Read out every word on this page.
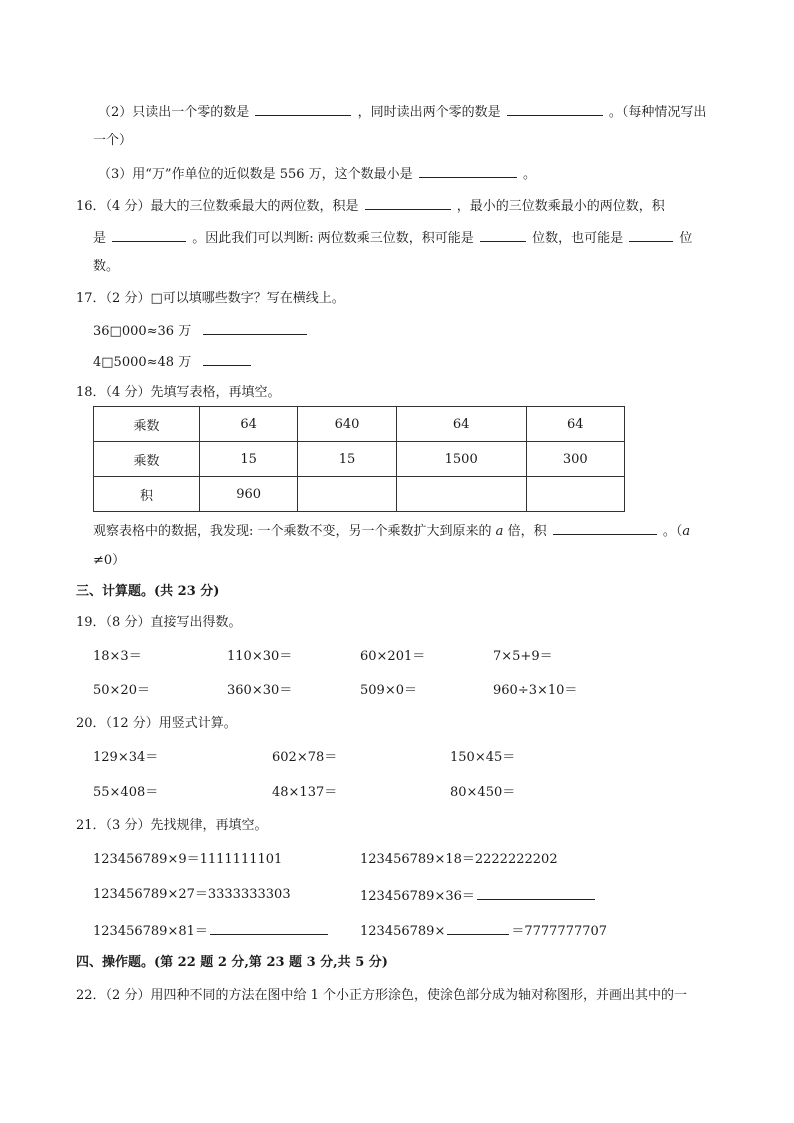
（2）只读出一个零的数是	，同时读出两个零的数是	。（每种情况写出
一个）
（3）用“万”作单位的近似数是 556 万，这个数最小是	。
16．（4 分）最大的三位数乘最大的两位数，积是	，最小的三位数乘最小的两位数，积
是	。因此我们可以判断: 两位数乘三位数，积可能是	位数，也可能是	位
数。
17．（2 分）□可以填哪些数字？写在横线上。
36□000≈36 万
4□5000≈48 万
18．（4 分）先填写表格，再填空。
乘数	64	640	64	64
乘数	15	15	1500	300
积	960			
观察表格中的数据，我发现: 一个乘数不变，另一个乘数扩大到原来的 a 倍，积	。（a
≠0）
三、计算题。(共 23 分)
19．（8 分）直接写出得数。
18×3＝	110×30＝	60×201＝	7×5+9＝
50×20＝	360×30＝	509×0＝	960÷3×10＝
20．（12 分）用竖式计算。
129×34＝	602×78＝	150×45＝
55×408＝	48×137＝	80×450＝
21．（3 分）先找规律，再填空。
123456789×9＝1111111101	123456789×18＝2222222202
123456789×27＝3333333303	123456789×36＝
123456789×81＝	123456789×	＝7777777707
四、操作题。(第 22 题 2 分,第 23 题 3 分,共 5 分)
22．（2 分）用四种不同的方法在图中给 1 个小正方形涂色，使涂色部分成为轴对称图形，并画出其中的一
